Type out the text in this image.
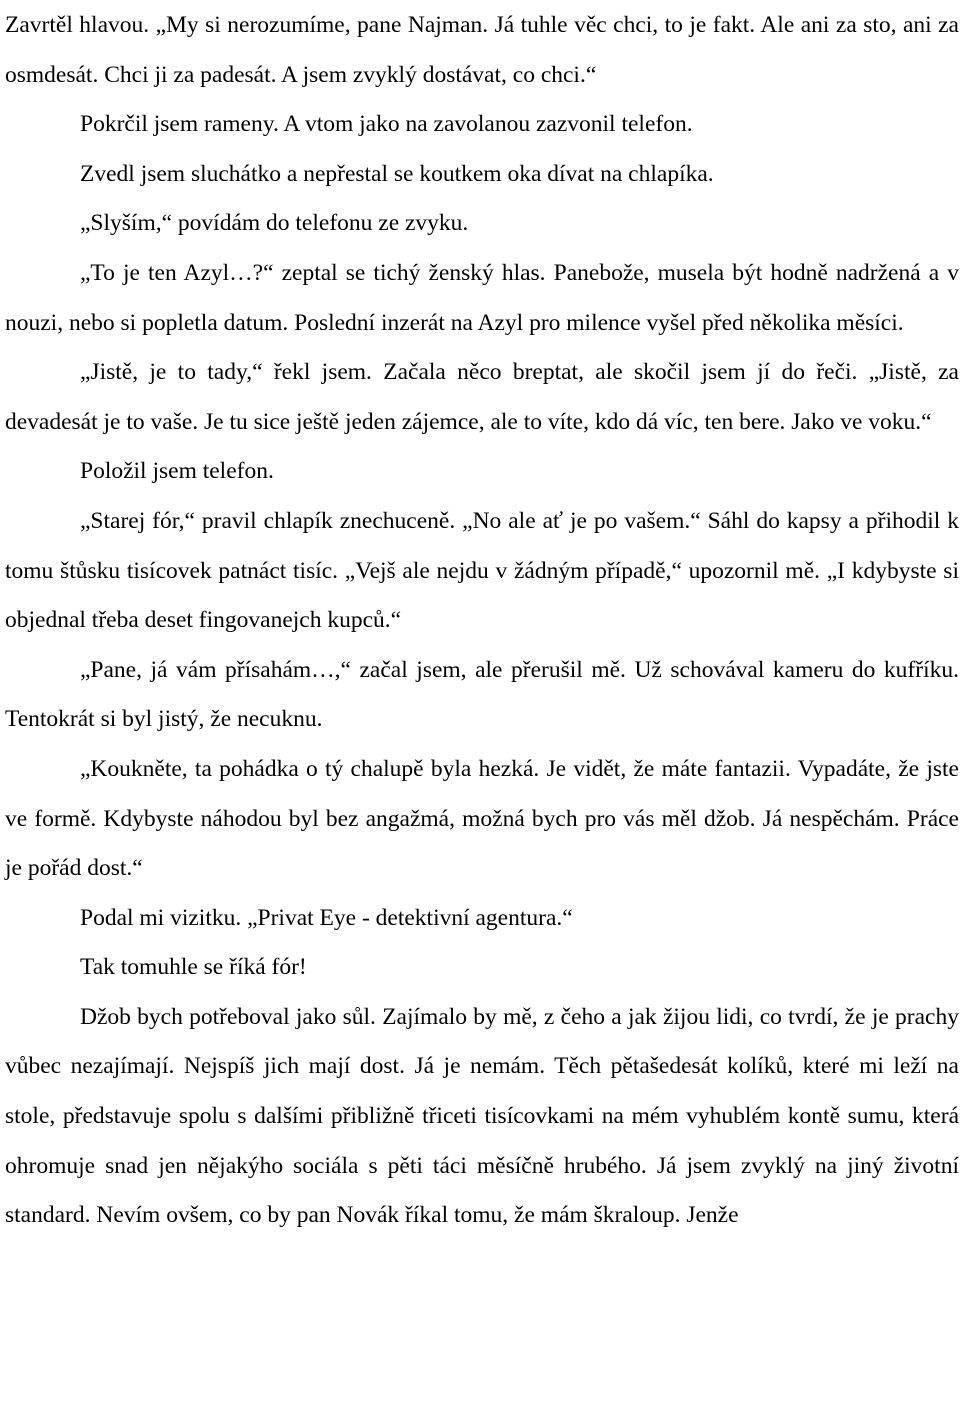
Zavrtěl hlavou. „My si nerozumíme, pane Najman. Já tuhle věc chci, to je fakt. Ale ani za sto, ani za osmdesát. Chci ji za padesát. A jsem zvyklý dostávat, co chci.“

Pokrčil jsem rameny. A vtom jako na zavolanou zazvonil telefon.

Zvedl jsem sluchátko a nepřestal se koutkem oka dívat na chlapíka.

„Slyším,“ povídám do telefonu ze zvyku.

„To je ten Azyl…?“ zeptal se tichý ženský hlas. Panebože, musela být hodně nadržená a v nouzi, nebo si popletla datum. Poslední inzerát na Azyl pro milence vyšel před několika měsíci.

„Jistě, je to tady,“ řekl jsem. Začala něco breptat, ale skočil jsem jí do řeči. „Jistě, za devadesát je to vaše. Je tu sice ještě jeden zájemce, ale to víte, kdo dá víc, ten bere. Jako ve voku.“

Položil jsem telefon.

„Starej fór,“ pravil chlapík znechuceně. „No ale ať je po vašem.“ Sáhl do kapsy a přihodil k tomu štůsku tisícovek patnáct tisíc. „Vejš ale nejdu v žádným případě,“ upozornil mě. „I kdybyste si objednal třeba deset fingovanejch kupců.“

„Pane, já vám přísahám…,“ začal jsem, ale přerušil mě. Už schovával kameru do kufříku. Tentokrát si byl jistý, že necuknu.

„Koukněte, ta pohádka o tý chalupě byla hezká. Je vidět, že máte fantazii. Vypadáte, že jste ve formě. Kdybyste náhodou byl bez angažmá, možná bych pro vás měl džob. Já nespěchám. Práce je pořád dost.“

Podal mi vizitku. „Privat Eye - detektivní agentura.“

Tak tomuhle se říká fór!

Džob bych potřeboval jako sůl. Zajímalo by mě, z čeho a jak žijou lidi, co tvrdí, že je prachy vůbec nezajímají. Nejspíš jich mají dost. Já je nemám. Těch pětašedesát kolíků, které mi leží na stole, představuje spolu s dalšími přibližně třiceti tisícovkami na mém vyhublém kontě sumu, která ohromuje snad jen nějakýho sociála s pěti táci měsíčně hrubého. Já jsem zvyklý na jiný životní standard. Nevím ovšem, co by pan Novák říkal tomu, že mám škraloup. Jenže
